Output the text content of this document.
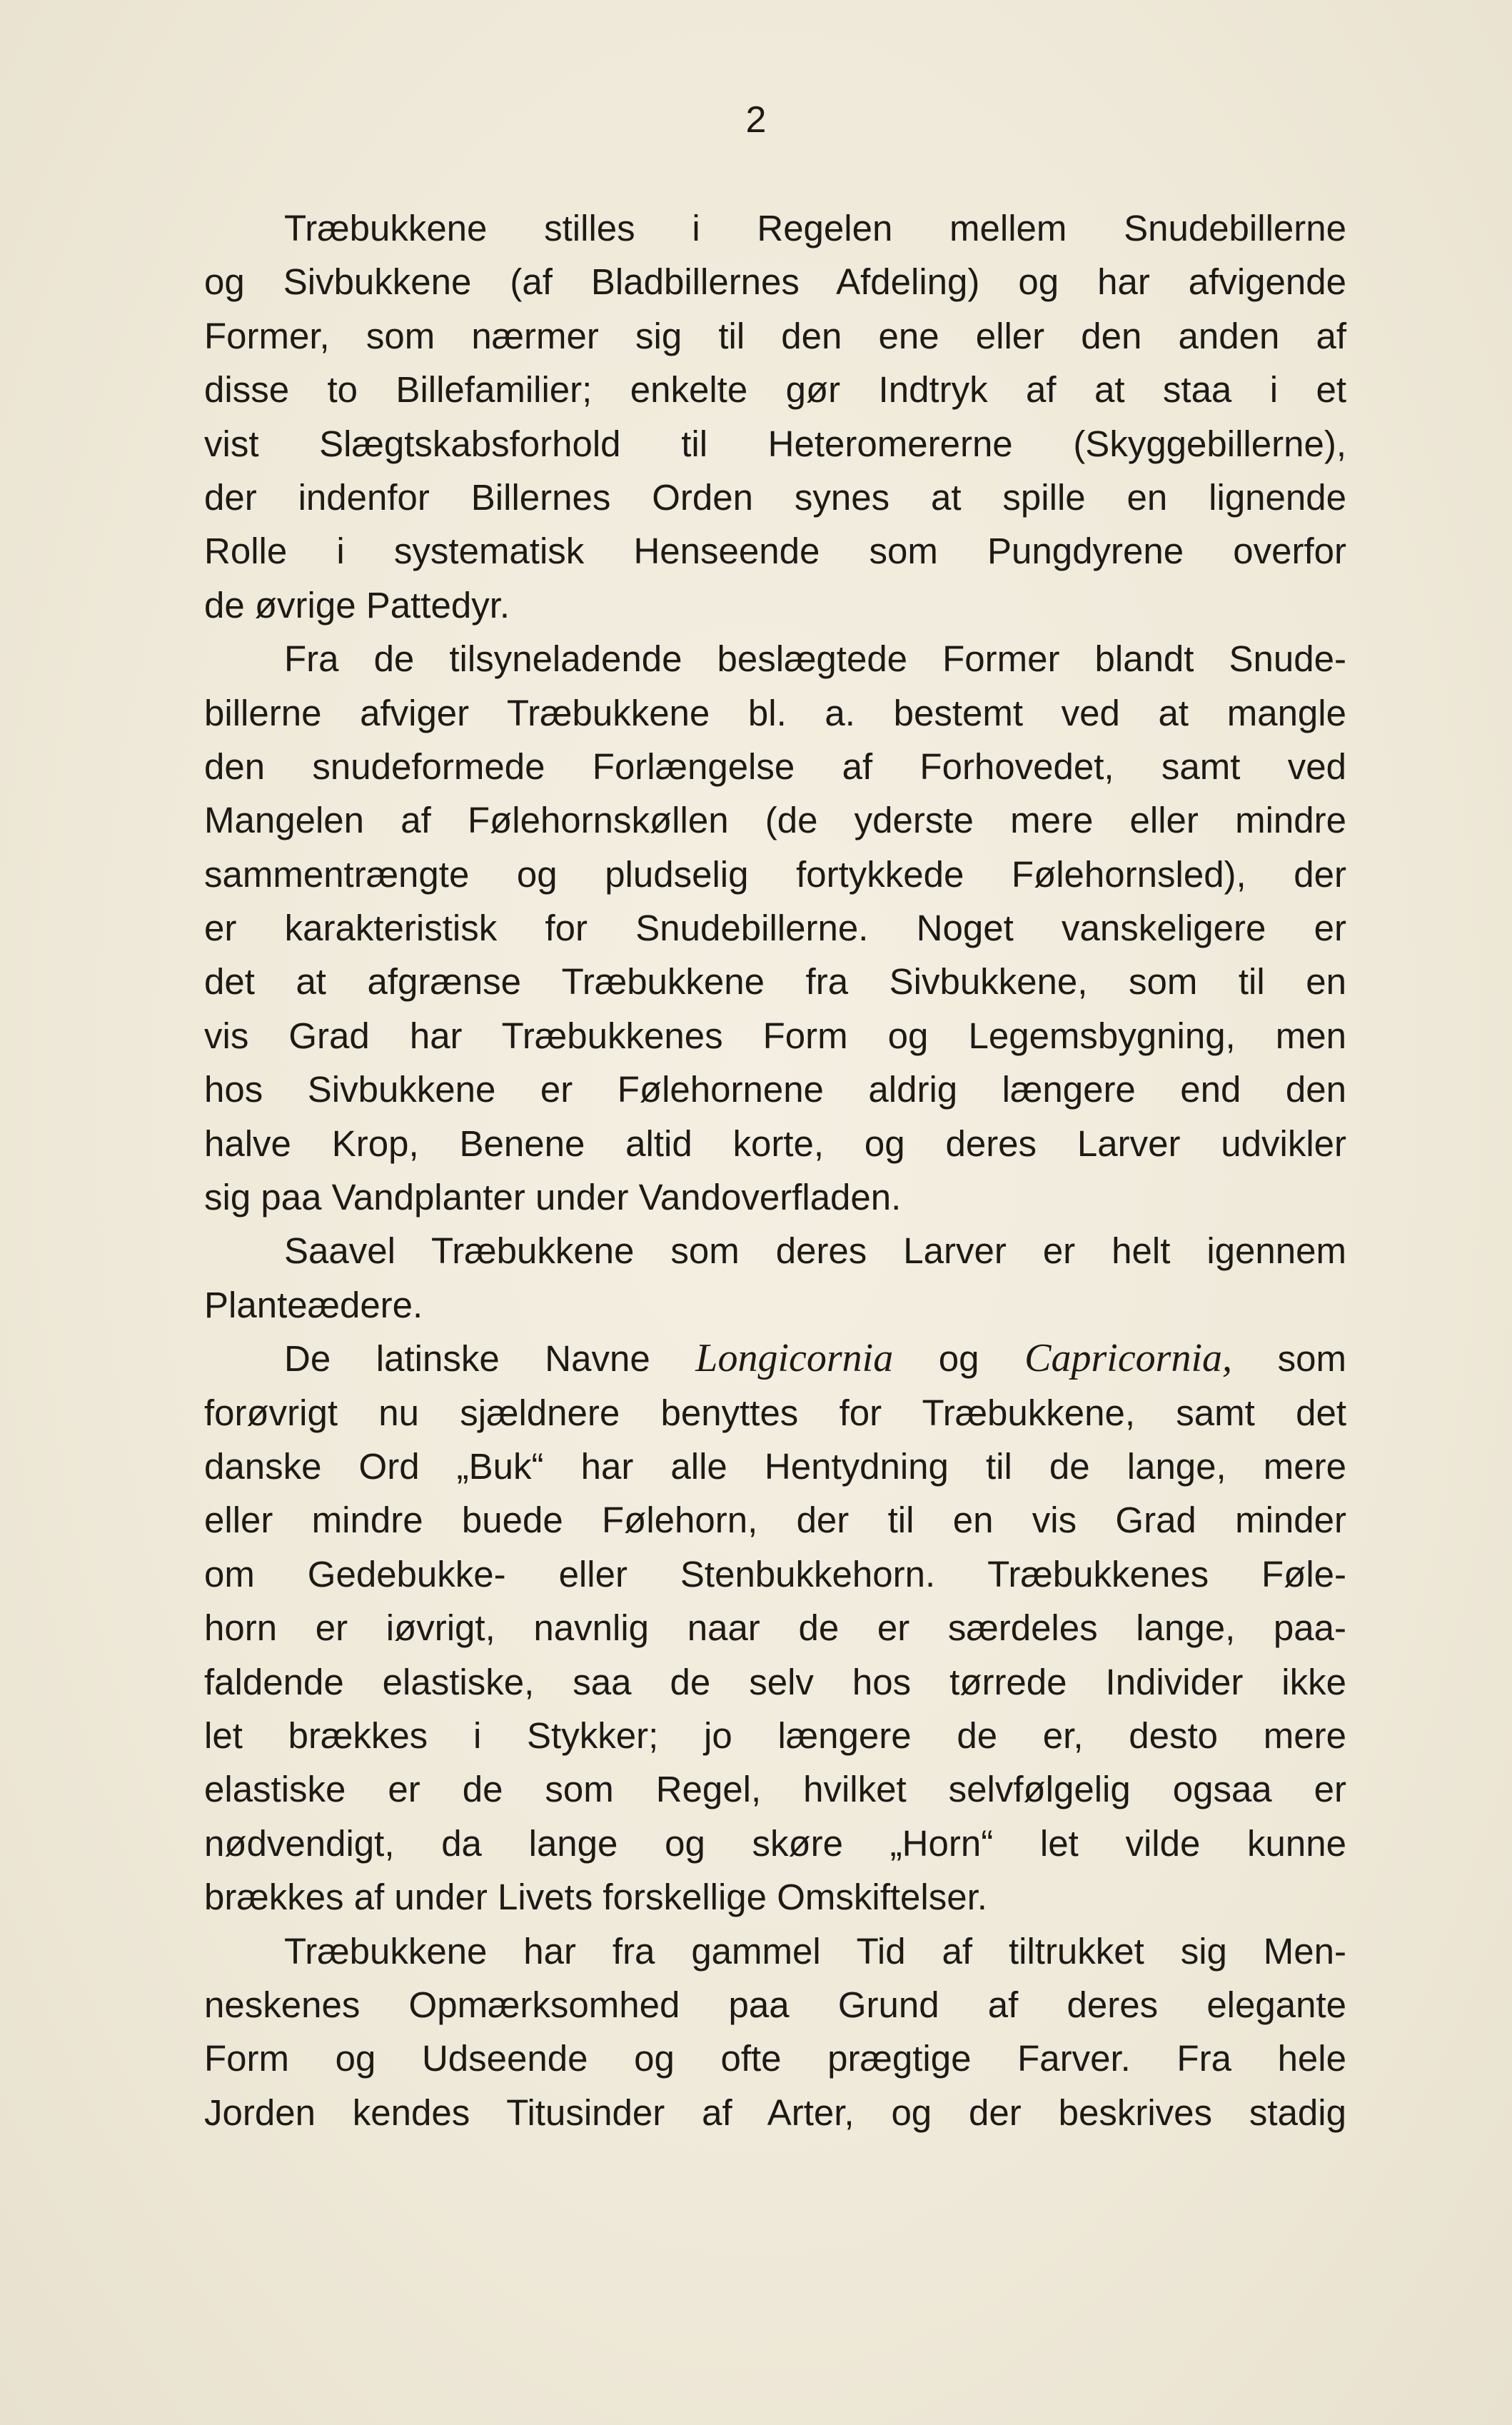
2
Træbukkene stilles i Regelen mellem Snudebillerne
og Sivbukkene (af Bladbillernes Afdeling) og har afvigende
Former, som nærmer sig til den ene eller den anden af
disse to Billefamilier; enkelte gør Indtryk af at staa i et
vist Slægtskabsforhold til Heteromererne (Skyggebillerne),
der indenfor Billernes Orden synes at spille en lignende
Rolle i systematisk Henseende som Pungdyrene overfor
de øvrige Pattedyr.
Fra de tilsyneladende beslægtede Former blandt Snude-
billerne afviger Træbukkene bl. a. bestemt ved at mangle
den snudeformede Forlængelse af Forhovedet, samt ved
Mangelen af Følehornskøllen (de yderste mere eller mindre
sammentrængte og pludselig fortykkede Følehornsled), der
er karakteristisk for Snudebillerne. Noget vanskeligere er
det at afgrænse Træbukkene fra Sivbukkene, som til en
vis Grad har Træbukkenes Form og Legemsbygning, men
hos Sivbukkene er Følehornene aldrig længere end den
halve Krop, Benene altid korte, og deres Larver udvikler
sig paa Vandplanter under Vandoverfladen.
Saavel Træbukkene som deres Larver er helt igennem
Planteædere.
De latinske Navne Longicornia og Capricornia, som
forøvrigt nu sjældnere benyttes for Træbukkene, samt det
danske Ord „Buk“ har alle Hentydning til de lange, mere
eller mindre buede Følehorn, der til en vis Grad minder
om Gedebukke- eller Stenbukkehorn. Træbukkenes Føle-
horn er iøvrigt, navnlig naar de er særdeles lange, paa-
faldende elastiske, saa de selv hos tørrede Individer ikke
let brækkes i Stykker; jo længere de er, desto mere
elastiske er de som Regel, hvilket selvfølgelig ogsaa er
nødvendigt, da lange og skøre „Horn“ let vilde kunne
brækkes af under Livets forskellige Omskiftelser.
Træbukkene har fra gammel Tid af tiltrukket sig Men-
neskenes Opmærksomhed paa Grund af deres elegante
Form og Udseende og ofte prægtige Farver. Fra hele
Jorden kendes Titusinder af Arter, og der beskrives stadig
